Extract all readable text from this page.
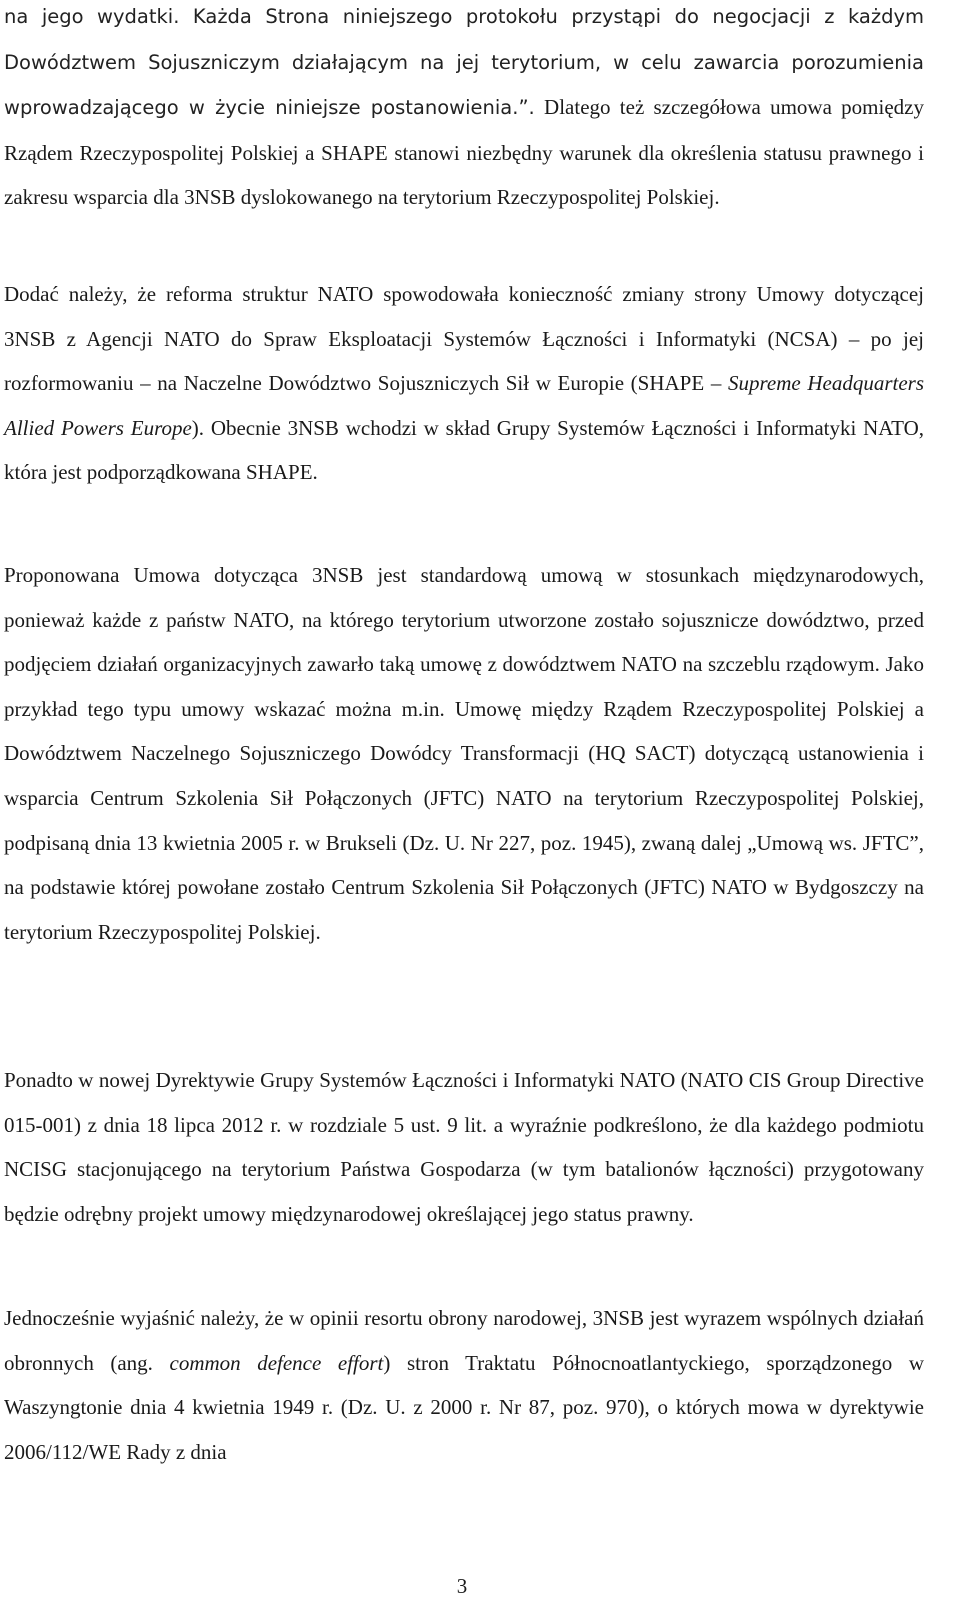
na jego wydatki. Każda Strona niniejszego protokołu przystąpi do negocjacji z każdym Dowództwem Sojuszniczym działającym na jej terytorium, w celu zawarcia porozumienia wprowadzającego w życie niniejsze postanowienia.”. Dlatego też szczegółowa umowa pomiędzy Rządem Rzeczypospolitej Polskiej a SHAPE stanowi niezbędny warunek dla określenia statusu prawnego i zakresu wsparcia dla 3NSB dyslokowanego na terytorium Rzeczypospolitej Polskiej.

Dodać należy, że reforma struktur NATO spowodowała konieczność zmiany strony Umowy dotyczącej 3NSB z Agencji NATO do Spraw Eksploatacji Systemów Łączności i Informatyki (NCSA) – po jej rozformowaniu – na Naczelne Dowództwo Sojuszniczych Sił w Europie (SHAPE – Supreme Headquarters Allied Powers Europe). Obecnie 3NSB wchodzi w skład Grupy Systemów Łączności i Informatyki NATO, która jest podporządkowana SHAPE.

Proponowana Umowa dotycząca 3NSB jest standardową umową w stosunkach międzynarodowych, ponieważ każde z państw NATO, na którego terytorium utworzone zostało sojusznicze dowództwo, przed podjęciem działań organizacyjnych zawarło taką umowę z dowództwem NATO na szczeblu rządowym. Jako przykład tego typu umowy wskazać można m.in. Umowę między Rządem Rzeczypospolitej Polskiej a Dowództwem Naczelnego Sojuszniczego Dowódcy Transformacji (HQ SACT) dotyczącą ustanowienia i wsparcia Centrum Szkolenia Sił Połączonych (JFTC) NATO na terytorium Rzeczypospolitej Polskiej, podpisaną dnia 13 kwietnia 2005 r. w Brukseli (Dz. U. Nr 227, poz. 1945), zwaną dalej „Umową ws. JFTC”, na podstawie której powołane zostało Centrum Szkolenia Sił Połączonych (JFTC) NATO w Bydgoszczy na terytorium Rzeczypospolitej Polskiej.

Ponadto w nowej Dyrektywie Grupy Systemów Łączności i Informatyki NATO (NATO CIS Group Directive 015-001) z dnia 18 lipca 2012 r. w rozdziale 5 ust. 9 lit. a wyraźnie podkreślono, że dla każdego podmiotu NCISG stacjonującego na terytorium Państwa Gospodarza (w tym batalionów łączności) przygotowany będzie odrębny projekt umowy międzynarodowej określającej jego status prawny.

Jednocześnie wyjaśnić należy, że w opinii resortu obrony narodowej, 3NSB jest wyrazem wspólnych działań obronnych (ang. common defence effort) stron Traktatu Północnoatlantyckiego, sporządzonego w Waszyngtonie dnia 4 kwietnia 1949 r. (Dz. U. z 2000 r. Nr 87, poz. 970), o których mowa w dyrektywie 2006/112/WE Rady z dnia

3
